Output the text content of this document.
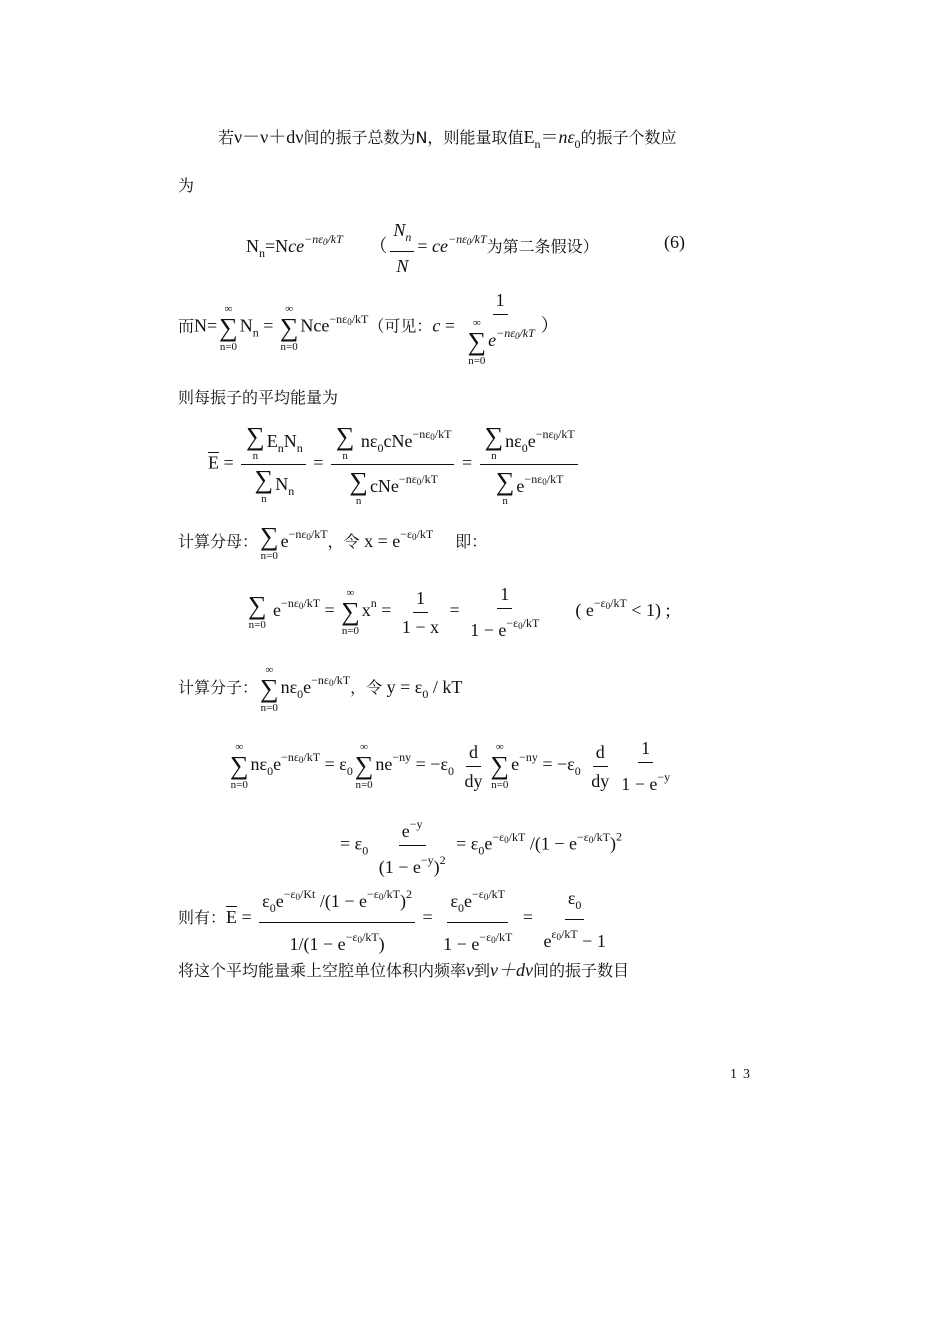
若ν－ν＋dν间的振子总数为N，则能量取值$E_n=n\varepsilon_0$的振子个数应
为
$N_n=Nce^{-n\varepsilon 0/kT}$ （ $\frac{N_n}{N} = ce^{-n\varepsilon 0/kT}$为第二条假设）	(6)
而N=
∞
∑
n=0
$N_n$ =
∞
∑
n=0
Nce$^{-n\varepsilon 0/kT}$（可见：c = 1
∞
∑
n=0
$e^{-n\varepsilon 0/kT}$ ）
则每振子的平均能量为
$\overline{E}$ = ∑
n
$E_nN_n$
∑
n
$N_n$ = ∑
n
$n\varepsilon_0cNe^{-n\varepsilon 0/kT}$
∑
n
cNe$^{-n\varepsilon 0/kT}$ = ∑
n
$n\varepsilon_0e^{-n\varepsilon 0/kT}$
∑
n
$e^{-n\varepsilon 0/kT}$
计算分母： ∑
n=0
$e^{-n\varepsilon 0/kT}$，令 $x = e^{-\varepsilon 0/kT}$ 即：
∑
n=0
$e^{-n\varepsilon 0/kT}$ =
∞
∑
n=0
$x^n = \frac{1}{1 - x} = \frac{1}{1 - e^{-\varepsilon 0/kT}}$ ( $e^{-\varepsilon 0/kT} < 1$) ;
计算分子：
∞
∑
n=0
$n\varepsilon_0e^{-n\varepsilon 0/kT}$，令 $y = \varepsilon_0$ / kT
∞
∑
n=0
$n\varepsilon_0e^{-n\varepsilon 0/kT} = \varepsilon_0$
∞
∑
n=0
$ne^{-ny} = -\varepsilon_0 \frac{d}{dy}$ ∞
∑
n=0
$e^{-ny} = -\varepsilon_0 \frac{d}{dy} \frac{1}{1 - e^{-y}}$
= $\varepsilon_0 \frac{e^{-y}}{(1 - e^{-y})^2} = \varepsilon_0e^{-\varepsilon 0/kT}$ $/(1 - e^{-\varepsilon 0/kT})^2$
则有：$\overline{E} = \frac{\varepsilon_0e^{-\varepsilon 0/Kt} /(1 - e^{-\varepsilon 0/kT})^2}{1/(1 - e^{-\varepsilon 0/kT})} = \frac{\varepsilon_0e^{-\varepsilon 0/kT}}{1 - e^{-\varepsilon 0/kT}} = \frac{\varepsilon_0}{e^{\varepsilon 0/kT} - 1}$
将这个平均能量乘上空腔单位体积内频率ν到ν＋dν间的振子数目
13
